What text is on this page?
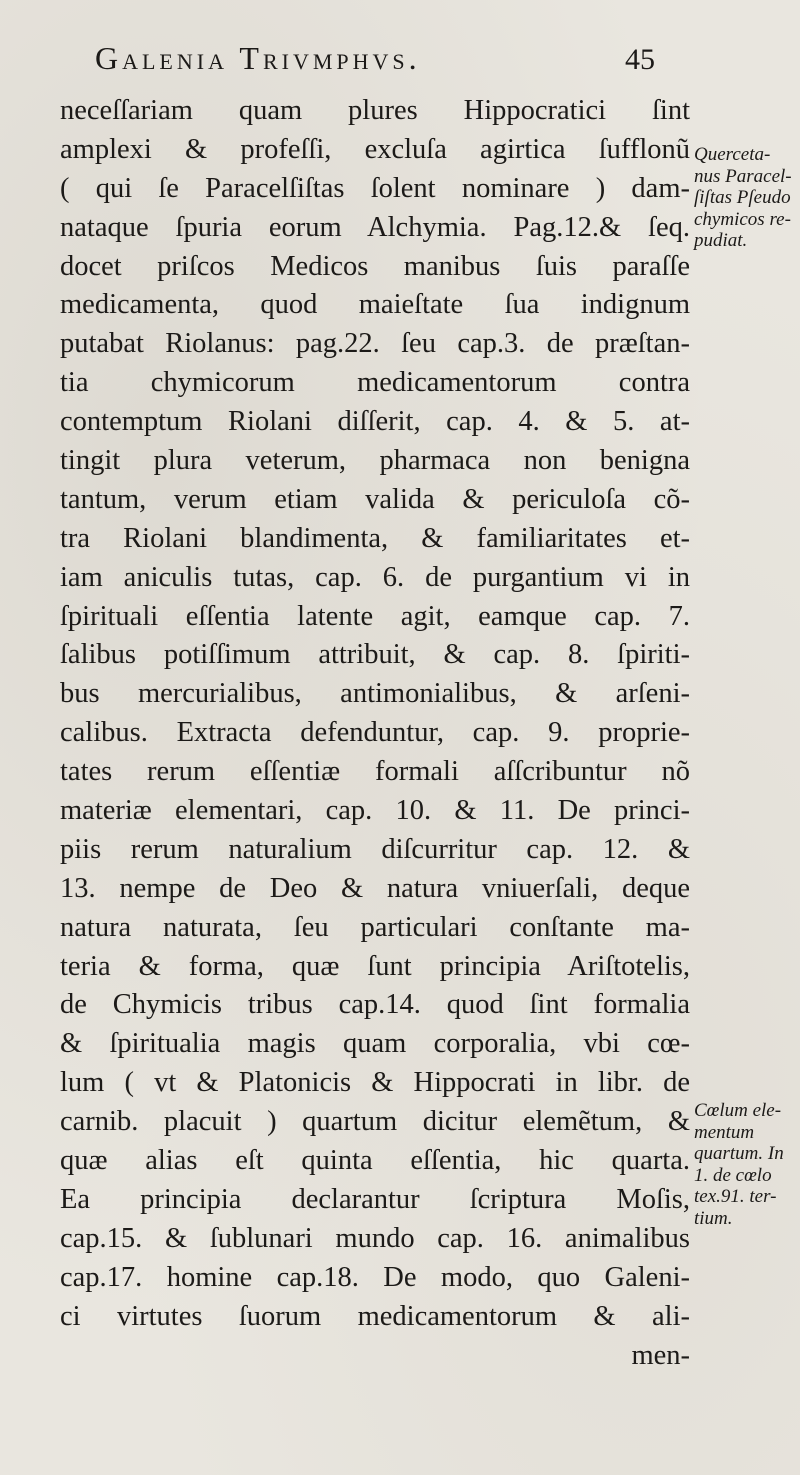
Galenia Trivmphvs.	45
neceſſariam quam plures Hippocratici ſint
amplexi & profeſſi, excluſa agirtica ſufflonũ
( qui ſe Paracelſiſtas ſolent nominare ) dam-
nataque ſpuria eorum Alchymia. Pag.12.& ſeq.
docet priſcos Medicos manibus ſuis paraſſe
medicamenta, quod maieſtate ſua indignum
putabat Riolanus: pag.22. ſeu cap.3. de præſtan-
tia chymicorum medicamentorum contra
contemptum Riolani diſſerit, cap. 4. & 5. at-
tingit plura veterum, pharmaca non benigna
tantum, verum etiam valida & periculoſa cõ-
tra Riolani blandimenta, & familiaritates et-
iam aniculis tutas, cap. 6. de purgantium vi in
ſpirituali eſſentia latente agit, eamque cap. 7.
ſalibus potiſſimum attribuit, & cap. 8. ſpiriti-
bus mercurialibus, antimonialibus, & arſeni-
calibus. Extracta defenduntur, cap. 9. proprie-
tates rerum eſſentiæ formali aſſcribuntur nõ
materiæ elementari, cap. 10. & 11. De princi-
piis rerum naturalium diſcurritur cap. 12. &
13. nempe de Deo & natura vniuerſali, deque
natura naturata, ſeu particulari conſtante ma-
teria & forma, quæ ſunt principia Ariſtotelis,
de Chymicis tribus cap.14. quod ſint formalia
& ſpiritualia magis quam corporalia, vbi cœ-
lum ( vt & Platonicis & Hippocrati in libr. de
carnib. placuit ) quartum dicitur elemẽtum, &
quæ alias eſt quinta eſſentia, hic quarta.
Ea principia declarantur ſcriptura Moſis,
cap.15. & ſublunari mundo cap. 16. animalibus
cap.17. homine cap.18. De modo, quo Galeni-
ci virtutes ſuorum medicamentorum & ali-
men-
Querceta-
nus Paracel-
ſiſtas Pſeudo
chymicos re-
pudiat.
Cœlum ele-
mentum
quartum. In
1. de cœlo
tex.91. ter-
tium.
